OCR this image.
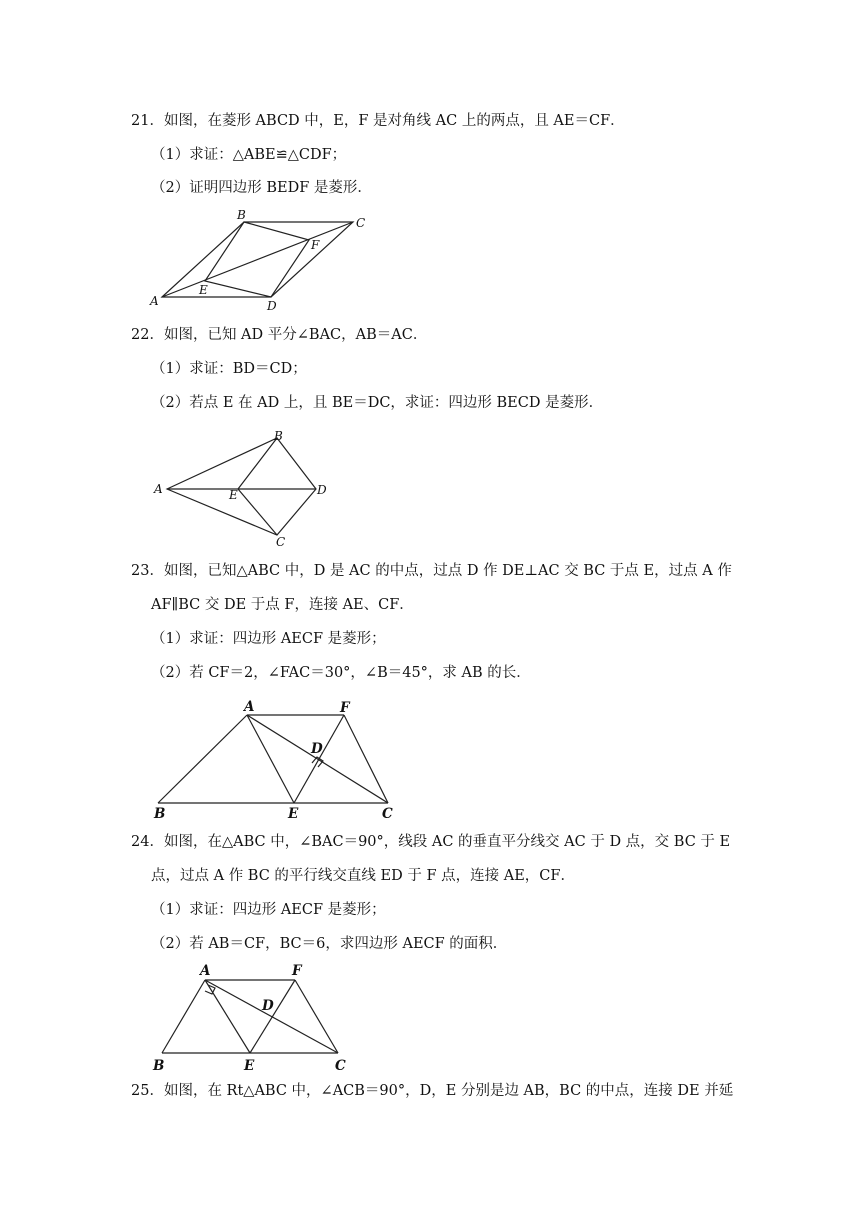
21．如图，在菱形 ABCD 中，E，F 是对角线 AC 上的两点，且 AE＝CF．

（1）求证：△ABE≌△CDF；

（2）证明四边形 BEDF 是菱形．

A
B
C
D
E
F

22．如图，已知 AD 平分∠BAC，AB＝AC．

（1）求证：BD＝CD；

（2）若点 E 在 AD 上，且 BE＝DC，求证：四边形 BECD 是菱形．

A
B
C
D
E

23．如图，已知△ABC 中，D 是 AC 的中点，过点 D 作 DE⊥AC 交 BC 于点 E，过点 A 作

AF∥BC 交 DE 于点 F，连接 AE、CF．

（1）求证：四边形 AECF 是菱形；

（2）若 CF＝2，∠FAC＝30°，∠B＝45°，求 AB 的长．

A	F
D
B	E	C

24．如图，在△ABC 中，∠BAC＝90°，线段 AC 的垂直平分线交 AC 于 D 点，交 BC 于 E

点，过点 A 作 BC 的平行线交直线 ED 于 F 点，连接 AE，CF．

（1）求证：四边形 AECF 是菱形；

（2）若 AB＝CF，BC＝6，求四边形 AECF 的面积．

A	F
D
B	E	C

25．如图，在 Rt△ABC 中，∠ACB＝90°，D，E 分别是边 AB，BC 的中点，连接 DE 并延
